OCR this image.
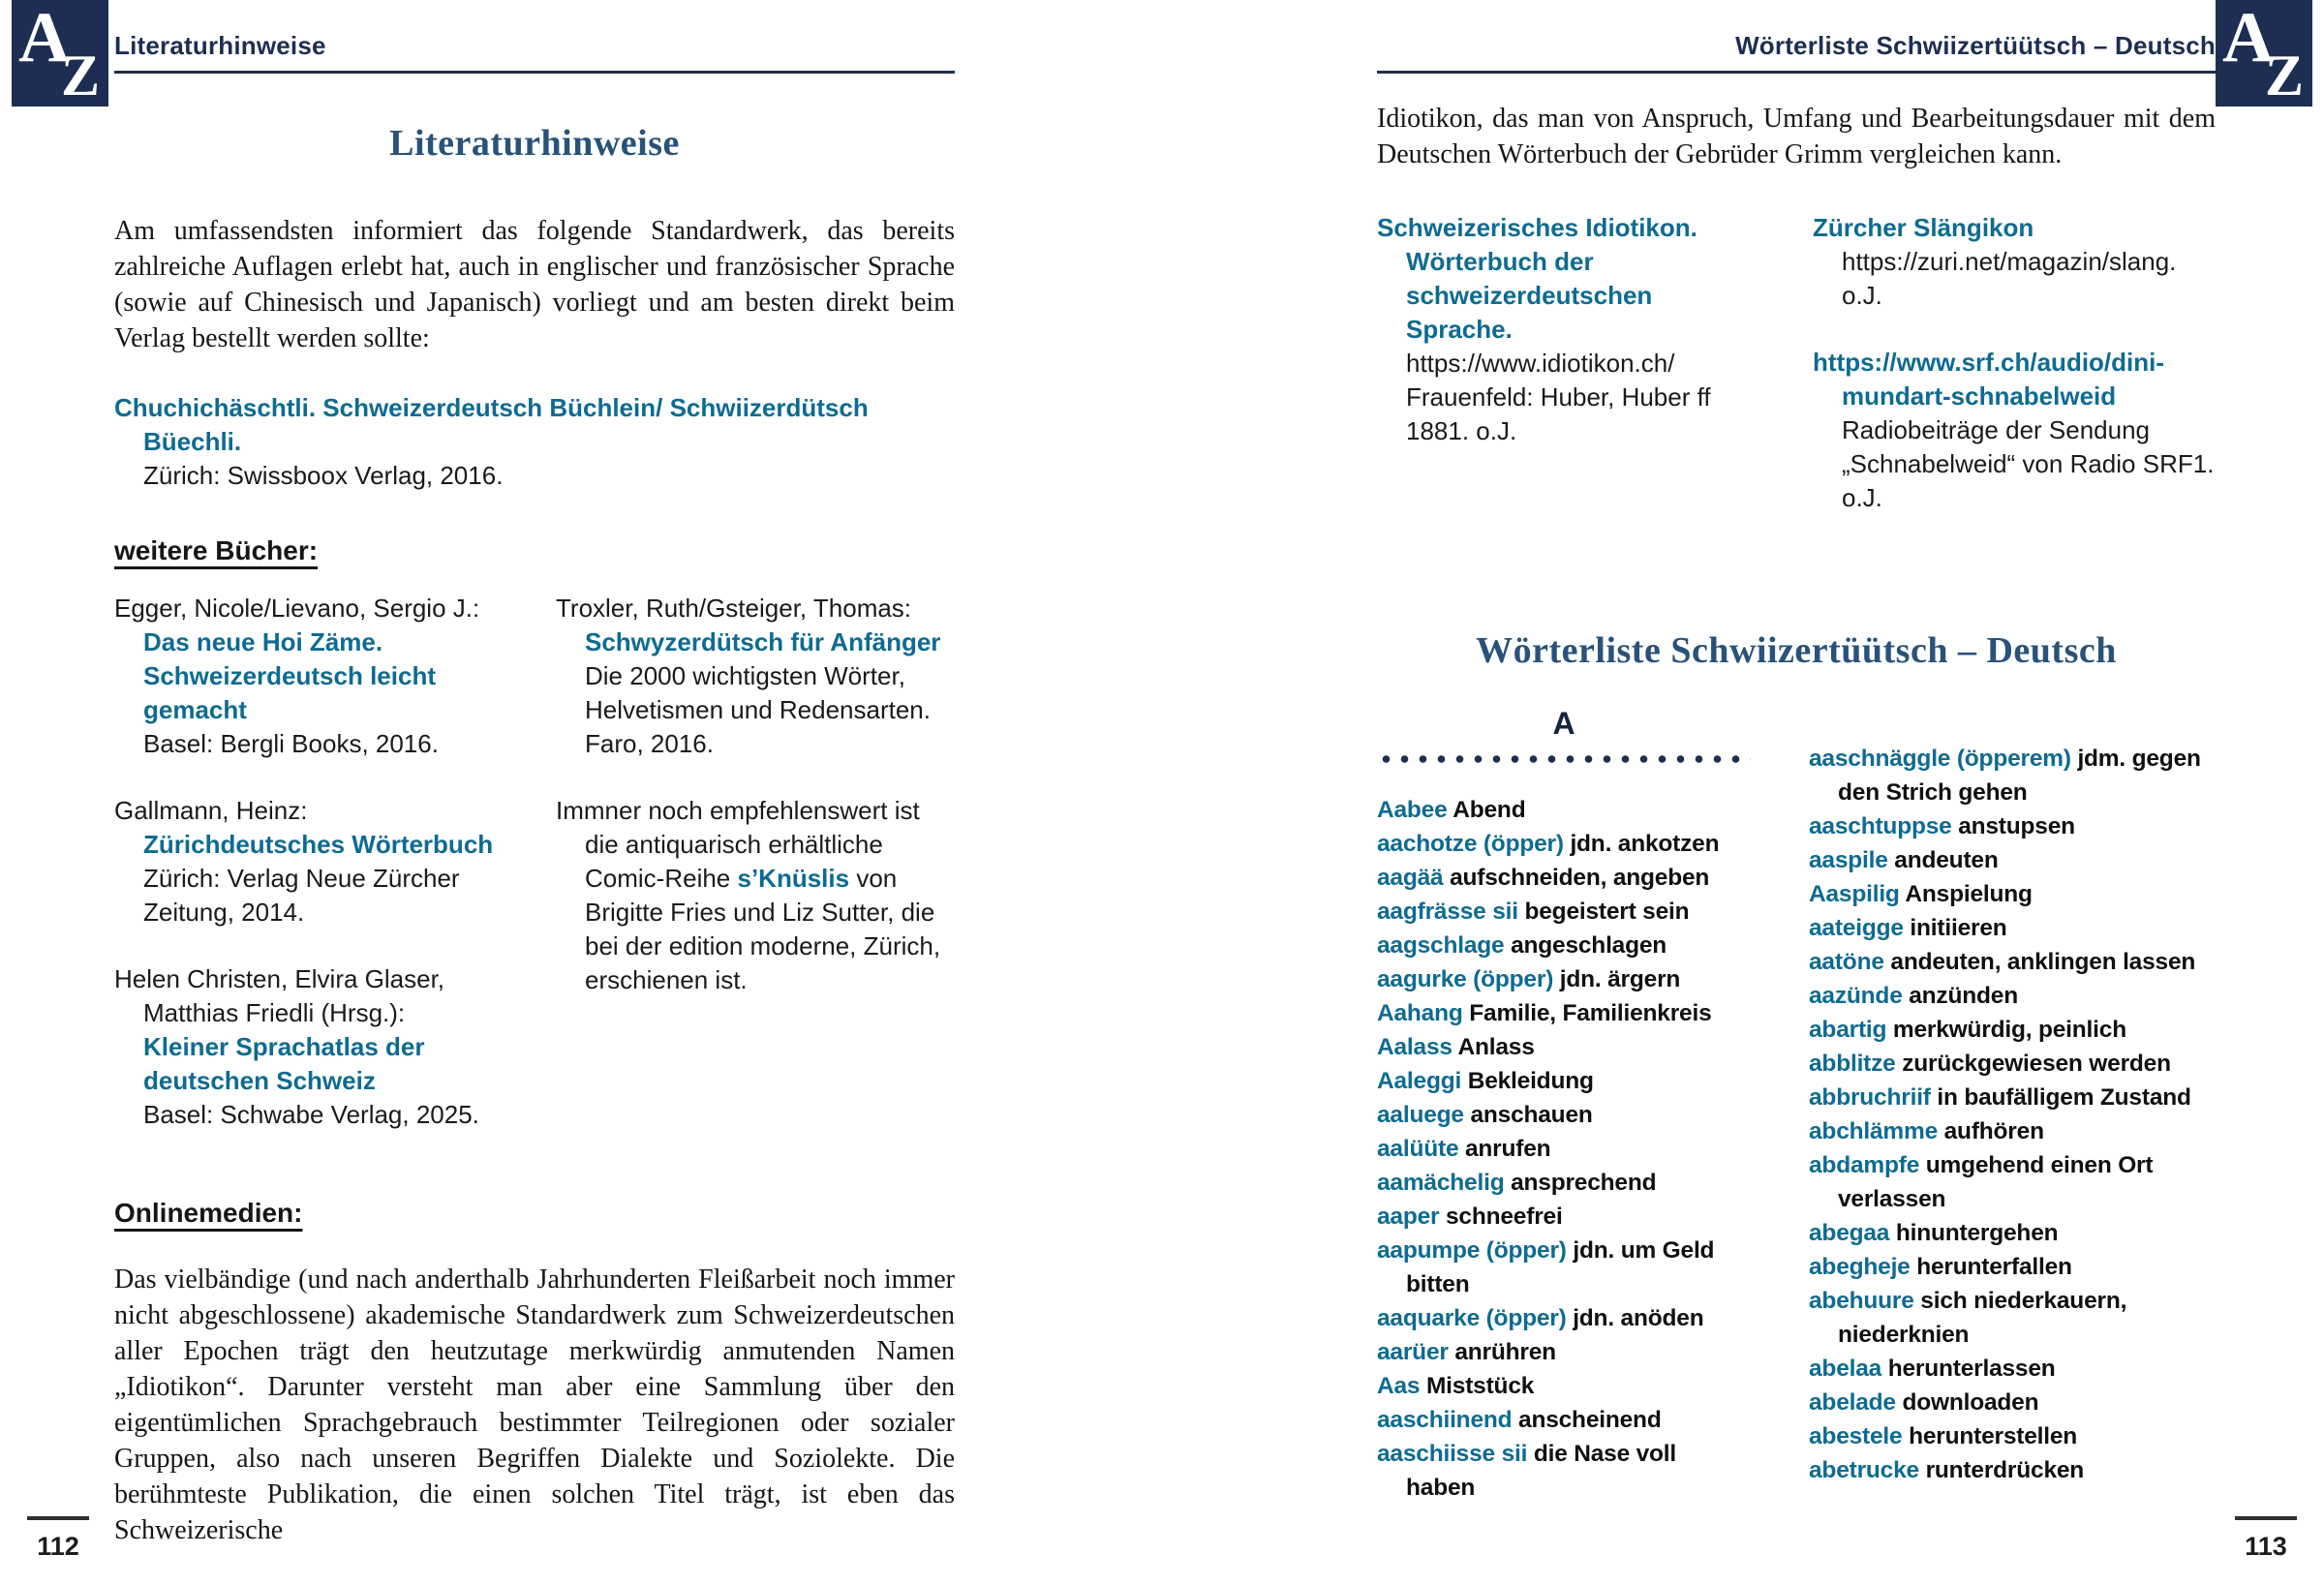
A
Z	A
Z
Literaturhinweise
Literaturhinweise

Am umfassendsten informiert das folgende Standardwerk, das bereits zahlreiche Auflagen erlebt hat, auch in englischer und französischer Sprache (sowie auf Chinesisch und Japanisch) vorliegt und am besten direkt beim Verlag bestellt werden sollte:

Chuchichäschtli. Schweizerdeutsch Büchlein/ Schwiizerdütsch Büechli.
Zürich: Swissboox Verlag, 2016.
weitere Bücher:
Egger, Nicole/Lievano, Sergio J.:
Das neue Hoi Zäme. Schweizerdeutsch leicht gemacht
Basel: Bergli Books, 2016.
Gallmann, Heinz:
Zürichdeutsches Wörterbuch
Zürich: Verlag Neue Zürcher Zeitung, 2014.
Helen Christen, Elvira Glaser, Matthias Friedli (Hrsg.):
Kleiner Sprachatlas der deutschen Schweiz
Basel: Schwabe Verlag, 2025.
Troxler, Ruth/Gsteiger, Thomas:
Schwyzerdütsch für Anfänger
Die 2000 wichtigsten Wörter, Helvetismen und Redensarten. Faro, 2016.
Immner noch empfehlenswert ist die antiquarisch erhältliche Comic-Reihe s’Knüslis von Brigitte Fries und Liz Sutter, die bei der edition moderne, Zürich, erschienen ist.
Onlinemedien:

Das vielbändige (und nach anderthalb Jahrhunderten Fleißarbeit noch immer nicht abgeschlossene) akademische Standardwerk zum Schweizerdeutschen aller Epochen trägt den heutzutage merkwürdig anmutenden Namen „Idiotikon“. Darunter versteht man aber eine Sammlung über den eigentümlichen Sprachgebrauch bestimmter Teilregionen oder sozialer Gruppen, also nach unseren Begriffen Dialekte und Soziolekte. Die berühmteste Publikation, die einen solchen Titel trägt, ist eben das Schweizerische

Wörterliste Schwiizertüütsch – Deutsch

Idiotikon, das man von Anspruch, Umfang und Bearbeitungsdauer mit dem Deutschen Wörterbuch der Gebrüder Grimm vergleichen kann.

Schweizerisches Idiotikon. Wörterbuch der schweizerdeutschen Sprache.
https://www.idiotikon.ch/
Frauenfeld: Huber, Huber ff 1881. o.J.
Zürcher Slängikon
https://zuri.net/magazin/slang. o.J.
https://www.srf.ch/audio/dini-mundart-schnabelweid
Radiobeiträge der Sendung „Schnabelweid“ von Radio SRF1. o.J.
Wörterliste Schwiizertüütsch – Deutsch
A
Aabee Abend
aachotze (öpper) jdn. ankotzen
aagää aufschneiden, angeben
aagfrässe sii begeistert sein
aagschlage angeschlagen
aagurke (öpper) jdn. ärgern
Aahang Familie, Familienkreis
Aalass Anlass
Aaleggi Bekleidung
aaluege anschauen
aalüüte anrufen
aamächelig ansprechend
aaper schneefrei
aapumpe (öpper) jdn. um Geld bitten
aaquarke (öpper) jdn. anöden
aarüer anrühren
Aas Miststück
aaschiinend anscheinend
aaschiisse sii die Nase voll haben
aaschnäggle (öpperem) jdm. gegen den Strich gehen
aaschtuppse anstupsen
aaspile andeuten
Aaspilig Anspielung
aateigge initiieren
aatöne andeuten, anklingen lassen
aazünde anzünden
abartig merkwürdig, peinlich
abblitze zurückgewiesen werden
abbruchriif in baufälligem Zustand
abchlämme aufhören
abdampfe umgehend einen Ort verlassen
abegaa hinuntergehen
abegheje herunterfallen
abehuure sich niederkauern, niederknien
abelaa herunterlassen
abelade downloaden
abestele herunterstellen
abetrucke runterdrücken
112	113
